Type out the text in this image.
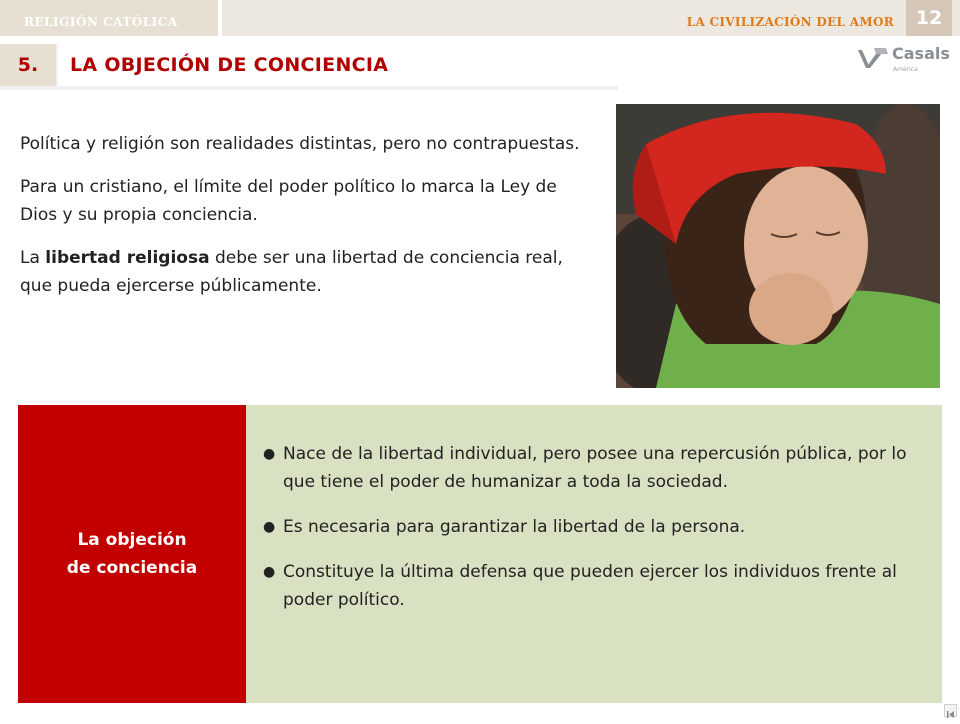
RELIGIÓN CATÓLICA	LA CIVILIZACIÓN DEL AMOR	12
5.	LA OBJECIÓN DE CONCIENCIA
Casals
América

Política y religión son realidades distintas, pero no contrapuestas.

Para un cristiano, el límite del poder político lo marca la Ley de Dios y su propia conciencia.

La libertad religiosa debe ser una libertad de conciencia real, que pueda ejercerse públicamente.

La objeción
de conciencia
● Nace de la libertad individual, pero posee una repercusión pública, por lo que tiene el poder de humanizar a toda la sociedad.
● Es necesaria para garantizar la libertad de la persona.
● Constituye la última defensa que pueden ejercer los individuos frente al poder político.
